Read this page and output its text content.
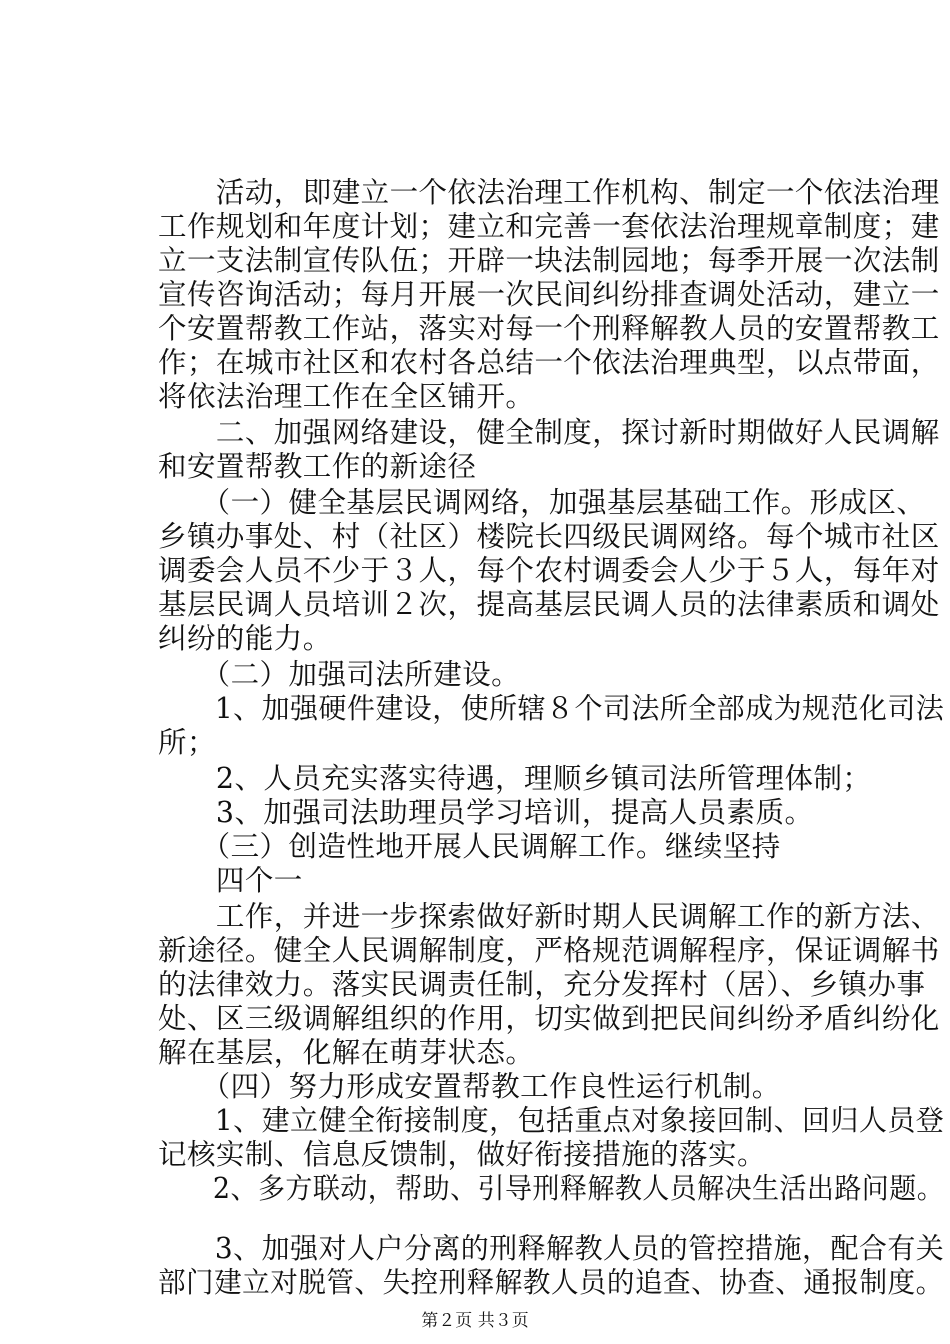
　　活动，即建立一个依法治理工作机构、制定一个依法治理
工作规划和年度计划；建立和完善一套依法治理规章制度；建
立一支法制宣传队伍；开辟一块法制园地；每季开展一次法制
宣传咨询活动；每月开展一次民间纠纷排查调处活动，建立一
个安置帮教工作站，落实对每一个刑释解教人员的安置帮教工
作；在城市社区和农村各总结一个依法治理典型，以点带面，
将依法治理工作在全区铺开。
　　二、加强网络建设，健全制度，探讨新时期做好人民调解
和安置帮教工作的新途径
　　（一）健全基层民调网络，加强基层基础工作。形成区、
乡镇办事处、村（社区）楼院长四级民调网络。每个城市社区
调委会人员不少于３人，每个农村调委会人少于５人，每年对
基层民调人员培训２次，提高基层民调人员的法律素质和调处
纠纷的能力。
　　（二）加强司法所建设。
　　1、加强硬件建设，使所辖８个司法所全部成为规范化司法
所；
　　2、人员充实落实待遇，理顺乡镇司法所管理体制；
　　3、加强司法助理员学习培训，提高人员素质。
　　（三）创造性地开展人民调解工作。继续坚持
　　四个一
　　工作，并进一步探索做好新时期人民调解工作的新方法、
新途径。健全人民调解制度，严格规范调解程序，保证调解书
的法律效力。落实民调责任制，充分发挥村（居）、乡镇办事
处、区三级调解组织的作用，切实做到把民间纠纷矛盾纠纷化
解在基层，化解在萌芽状态。
　　（四）努力形成安置帮教工作良性运行机制。
　　1、建立健全衔接制度，包括重点对象接回制、回归人员登
记核实制、信息反馈制，做好衔接措施的落实。
　　2、多方联动，帮助、引导刑释解教人员解决生活出路问题。
　　3、加强对人户分离的刑释解教人员的管控措施，配合有关
部门建立对脱管、失控刑释解教人员的追查、协查、通报制度。
第２页 共３页
